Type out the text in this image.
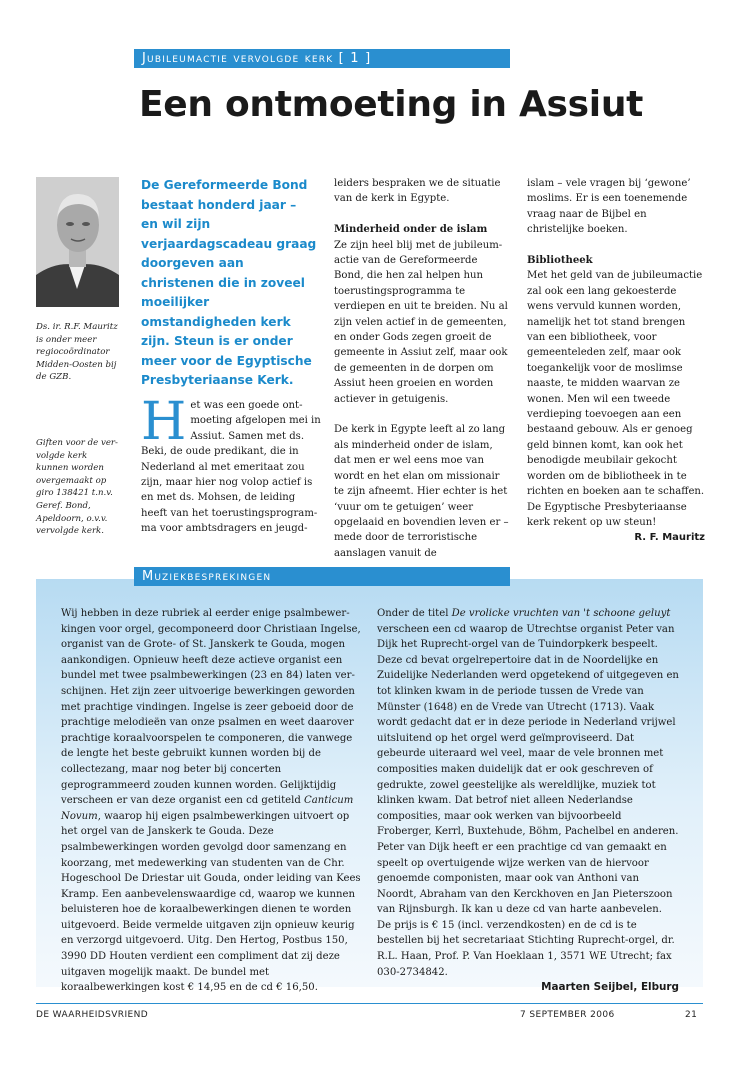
Jubileumactie vervolgde kerk [ 1 ]
Een ontmoeting in Assiut
Ds. ir. R.F. Mauritz is onder meer regiocoördinator Midden-Oosten bij de GZB.
Giften voor de vervolgde kerk kunnen worden overgemaakt op giro 138421 t.n.v. Geref. Bond, Apeldoorn, o.v.v. vervolgde kerk.
De Gereformeerde Bond bestaat honderd jaar – en wil zijn verjaardagscadeau graag doorgeven aan christenen die in zoveel moeilijker omstandigheden kerk zijn. Steun is er onder meer voor de Egyptische Presbyteriaanse Kerk.
H et was een goede ontmoeting afgelopen mei in Assiut. Samen met ds. Beki, de oude predikant, die in Nederland al met emeritaat zou zijn, maar hier nog volop actief is en met ds. Mohsen, de leiding heeft van het toerustingsprogramma voor ambtsdragers en jeugd-

leiders bespraken we de situatie van de kerk in Egypte.

Minderheid onder de islam

Ze zijn heel blij met de jubileumactie van de Gereformeerde Bond, die hen zal helpen hun toerustingsprogramma te verdiepen en uit te breiden. Nu al zijn velen actief in de gemeenten, en onder Gods zegen groeit de gemeente in Assiut zelf, maar ook de gemeenten in de dorpen om Assiut heen groeien en worden actiever in getuigenis.

De kerk in Egypte leeft al zo lang als minderheid onder de islam, dat men er wel eens moe van wordt en het elan om missionair te zijn afneemt. Hier echter is het ‘vuur om te getuigen’ weer opgelaaid en bovendien leven er – mede door de terroristische aanslagen vanuit de

islam – vele vragen bij ‘gewone’ moslims. Er is een toenemende vraag naar de Bijbel en christelijke boeken.

Bibliotheek

Met het geld van de jubileumactie zal ook een lang gekoesterde wens vervuld kunnen worden, namelijk het tot stand brengen van een bibliotheek, voor gemeenteleden zelf, maar ook toegankelijk voor de moslimse naaste, te midden waarvan ze wonen. Men wil een tweede verdieping toevoegen aan een bestaand gebouw. Als er genoeg geld binnen komt, kan ook het benodigde meubilair gekocht worden om de bibliotheek in te richten en boeken aan te schaffen. De Egyptische Presbyteriaanse kerk rekent op uw steun!

R. F. Mauritz

Muziekbesprekingen

Wij hebben in deze rubriek al eerder enige psalmbewerkingen voor orgel, gecomponeerd door Christiaan Ingelse, organist van de Grote- of St. Janskerk te Gouda, mogen aankondigen. Opnieuw heeft deze actieve organist een bundel met twee psalmbewerkingen (23 en 84) laten verschijnen. Het zijn zeer uitvoerige bewerkingen geworden met prachtige vindingen. Ingelse is zeer geboeid door de prachtige melodieën van onze psalmen en weet daarover prachtige koraalvoorspelen te componeren, die vanwege de lengte het beste gebruikt kunnen worden bij de collectezang, maar nog beter bij concerten geprogrammeerd zouden kunnen worden. Gelijktijdig verscheen er van deze organist een cd getiteld Canticum Novum, waarop hij eigen psalmbewerkingen uitvoert op het orgel van de Janskerk te Gouda. Deze psalmbewerkingen worden gevolgd door samenzang en koorzang, met medewerking van studenten van de Chr. Hogeschool De Driestar uit Gouda, onder leiding van Kees Kramp. Een aanbevelenswaardige cd, waarop we kunnen beluisteren hoe de koraalbewerkingen dienen te worden uitgevoerd. Beide vermelde uitgaven zijn opnieuw keurig en verzorgd uitgevoerd. Uitg. Den Hertog, Postbus 150, 3990 DD Houten verdient een compliment dat zij deze uitgaven mogelijk maakt. De bundel met koraalbewerkingen kost € 14,95 en de cd € 16,50.

Onder de titel De vrolicke vruchten van 't schoone geluyt verscheen een cd waarop de Utrechtse organist Peter van Dijk het Ruprecht-orgel van de Tuindorpkerk bespeelt. Deze cd bevat orgelrepertoire dat in de Noordelijke en Zuidelijke Nederlanden werd opgetekend of uitgegeven en tot klinken kwam in de periode tussen de Vrede van Münster (1648) en de Vrede van Utrecht (1713). Vaak wordt gedacht dat er in deze periode in Nederland vrijwel uitsluitend op het orgel werd geïmproviseerd. Dat gebeurde uiteraard wel veel, maar de vele bronnen met composities maken duidelijk dat er ook geschreven of gedrukte, zowel geestelijke als wereldlijke, muziek tot klinken kwam. Dat betrof niet alleen Nederlandse composities, maar ook werken van bijvoorbeeld Froberger, Kerrl, Buxtehude, Böhm, Pachelbel en anderen. Peter van Dijk heeft er een prachtige cd van gemaakt en speelt op overtuigende wijze werken van de hiervoor genoemde componisten, maar ook van Anthoni van Noordt, Abraham van den Kerckhoven en Jan Pieterszoon van Rijnsburgh. Ik kan u deze cd van harte aanbevelen. De prijs is € 15 (incl. verzendkosten) en de cd is te bestellen bij het secretariaat Stichting Ruprecht-orgel, dr. R.L. Haan, Prof. P. Van Hoeklaan 1, 3571 WE Utrecht; fax 030-2734842.

Maarten Seijbel, Elburg

DE WAARHEIDSVRIEND	7 SEPTEMBER 2006	21
